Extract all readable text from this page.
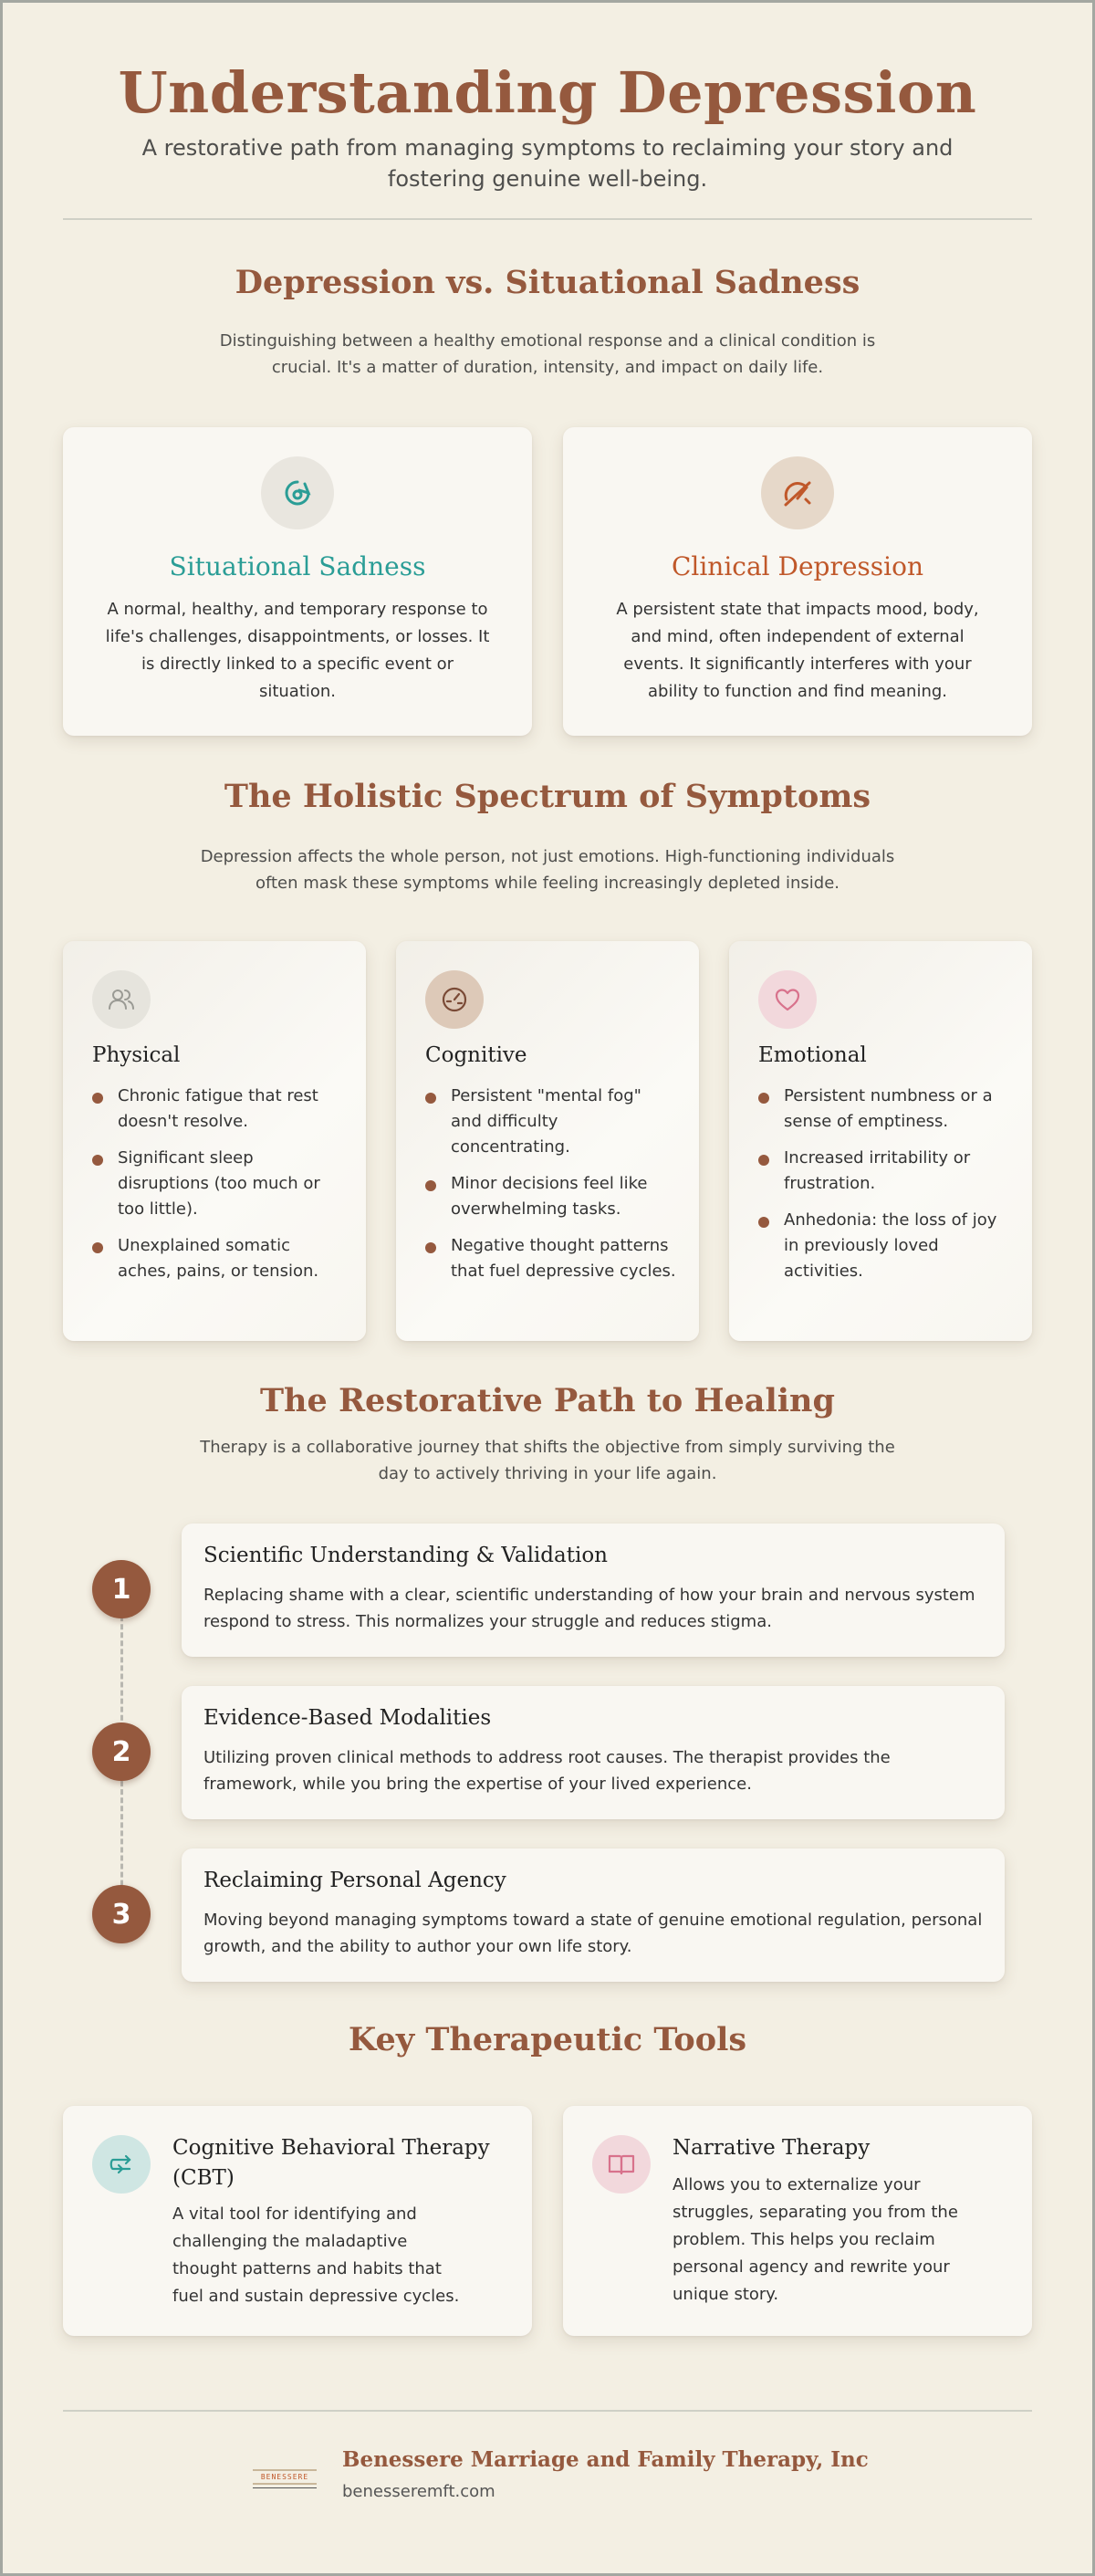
Understanding Depression
A restorative path from managing symptoms to reclaiming your story and fostering genuine well-being.
Depression vs. Situational Sadness
Distinguishing between a healthy emotional response and a clinical condition is crucial. It's a matter of duration, intensity, and impact on daily life.
Situational Sadness
A normal, healthy, and temporary response to life's challenges, disappointments, or losses. It is directly linked to a specific event or situation.
Clinical Depression
A persistent state that impacts mood, body, and mind, often independent of external events. It significantly interferes with your ability to function and find meaning.
The Holistic Spectrum of Symptoms
Depression affects the whole person, not just emotions. High-functioning individuals often mask these symptoms while feeling increasingly depleted inside.
Physical
Chronic fatigue that rest doesn't resolve.
Significant sleep disruptions (too much or too little).
Unexplained somatic aches, pains, or tension.
Cognitive
Persistent "mental fog" and difficulty concentrating.
Minor decisions feel like overwhelming tasks.
Negative thought patterns that fuel depressive cycles.
Emotional
Persistent numbness or a sense of emptiness.
Increased irritability or frustration.
Anhedonia: the loss of joy in previously loved activities.
The Restorative Path to Healing
Therapy is a collaborative journey that shifts the objective from simply surviving the day to actively thriving in your life again.
1
Scientific Understanding & Validation
Replacing shame with a clear, scientific understanding of how your brain and nervous system respond to stress. This normalizes your struggle and reduces stigma.
2
Evidence-Based Modalities
Utilizing proven clinical methods to address root causes. The therapist provides the framework, while you bring the expertise of your lived experience.
3
Reclaiming Personal Agency
Moving beyond managing symptoms toward a state of genuine emotional regulation, personal growth, and the ability to author your own life story.
Key Therapeutic Tools
Cognitive Behavioral Therapy (CBT)
A vital tool for identifying and challenging the maladaptive thought patterns and habits that fuel and sustain depressive cycles.
Narrative Therapy
Allows you to externalize your struggles, separating you from the problem. This helps you reclaim personal agency and rewrite your unique story.
BENESSERE
Benessere Marriage and Family Therapy, Inc
benesseremft.com
